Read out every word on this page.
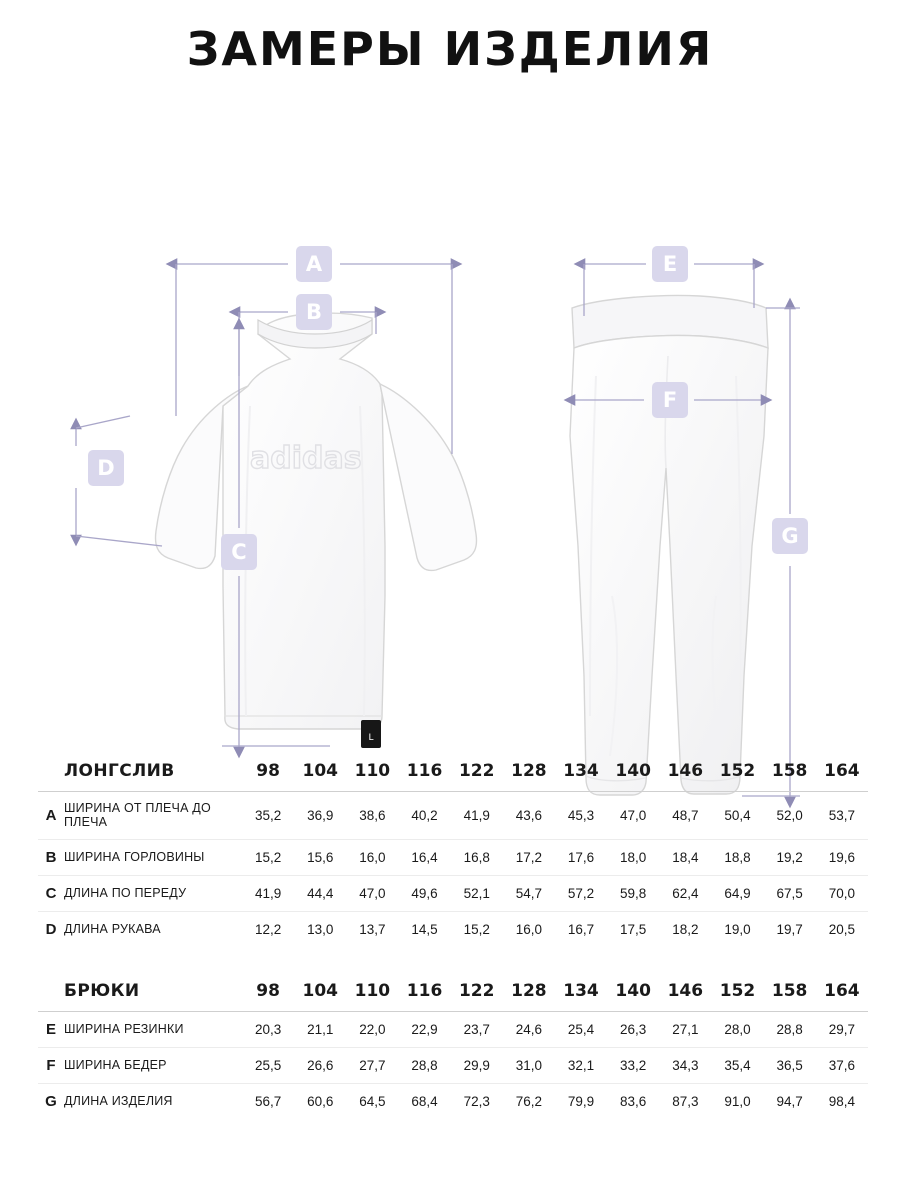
ЗАМЕРЫ ИЗДЕЛИЯ
adidas
L
A
B
C
D
E
F
G
	ЛОНГСЛИВ	98	104	110	116	122	128	134	140	146	152	158	164

A	ШИРИНА ОТ ПЛЕЧА ДО ПЛЕЧА	35,2	36,9	38,6	40,2	41,9	43,6	45,3	47,0	48,7	50,4	52,0	53,7
B	ШИРИНА ГОРЛОВИНЫ	15,2	15,6	16,0	16,4	16,8	17,2	17,6	18,0	18,4	18,8	19,2	19,6
C	ДЛИНА ПО ПЕРЕДУ	41,9	44,4	47,0	49,6	52,1	54,7	57,2	59,8	62,4	64,9	67,5	70,0
D	ДЛИНА РУКАВА	12,2	13,0	13,7	14,5	15,2	16,0	16,7	17,5	18,2	19,0	19,7	20,5
	БРЮКИ	98	104	110	116	122	128	134	140	146	152	158	164

E	ШИРИНА РЕЗИНКИ	20,3	21,1	22,0	22,9	23,7	24,6	25,4	26,3	27,1	28,0	28,8	29,7
F	ШИРИНА БЕДЕР	25,5	26,6	27,7	28,8	29,9	31,0	32,1	33,2	34,3	35,4	36,5	37,6
G	ДЛИНА ИЗДЕЛИЯ	56,7	60,6	64,5	68,4	72,3	76,2	79,9	83,6	87,3	91,0	94,7	98,4
